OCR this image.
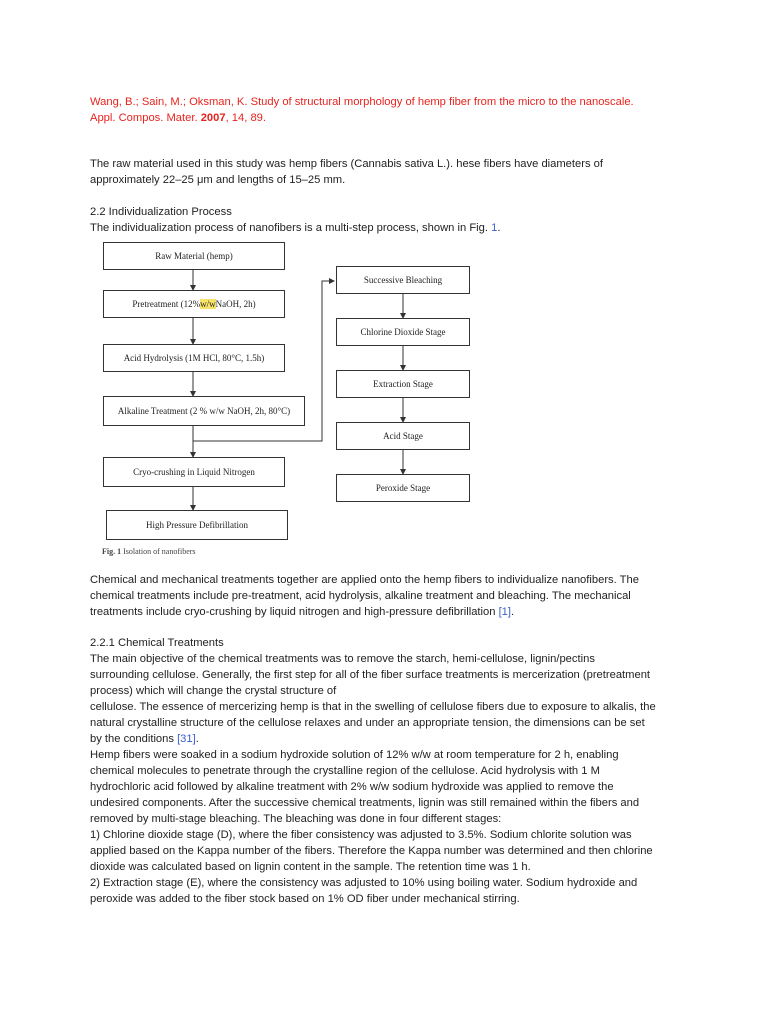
Wang, B.; Sain, M.; Oksman, K. Study of structural morphology of hemp fiber from the micro to the nanoscale.
Appl. Compos. Mater. 2007, 14, 89.
The raw material used in this study was hemp fibers (Cannabis sativa L.). hese fibers have diameters of
approximately 22–25 μm and lengths of 15–25 mm.
2.2 Individualization Process
The individualization process of nanofibers is a multi-step process, shown in Fig. 1.
Raw Material (hemp)
Pretreatment (12% w/w NaOH, 2h)
Acid Hydrolysis (1M HCl, 80°C, 1.5h)
Alkaline Treatment (2 % w/w NaOH, 2h, 80°C)
Cryo-crushing in Liquid Nitrogen
High Pressure Defibrillation
Successive Bleaching
Chlorine Dioxide Stage
Extraction Stage
Acid Stage
Peroxide Stage
Fig. 1 Isolation of nanofibers
Chemical and mechanical treatments together are applied onto the hemp fibers to individualize nanofibers. The
chemical treatments include pre-treatment, acid hydrolysis, alkaline treatment and bleaching. The mechanical
treatments include cryo-crushing by liquid nitrogen and high-pressure defibrillation [1].
2.2.1 Chemical Treatments
The main objective of the chemical treatments was to remove the starch, hemi-cellulose, lignin/pectins
surrounding cellulose. Generally, the first step for all of the fiber surface treatments is mercerization (pretreatment
process) which will change the crystal structure of
cellulose. The essence of mercerizing hemp is that in the swelling of cellulose fibers due to exposure to alkalis, the
natural crystalline structure of the cellulose relaxes and under an appropriate tension, the dimensions can be set
by the conditions [31].
Hemp fibers were soaked in a sodium hydroxide solution of 12% w/w at room temperature for 2 h, enabling
chemical molecules to penetrate through the crystalline region of the cellulose. Acid hydrolysis with 1 M
hydrochloric acid followed by alkaline treatment with 2% w/w sodium hydroxide was applied to remove the
undesired components. After the successive chemical treatments, lignin was still remained within the fibers and
removed by multi-stage bleaching. The bleaching was done in four different stages:
1) Chlorine dioxide stage (D), where the fiber consistency was adjusted to 3.5%. Sodium chlorite solution was
applied based on the Kappa number of the fibers. Therefore the Kappa number was determined and then chlorine
dioxide was calculated based on lignin content in the sample. The retention time was 1 h.
2) Extraction stage (E), where the consistency was adjusted to 10% using boiling water. Sodium hydroxide and
peroxide was added to the fiber stock based on 1% OD fiber under mechanical stirring.
